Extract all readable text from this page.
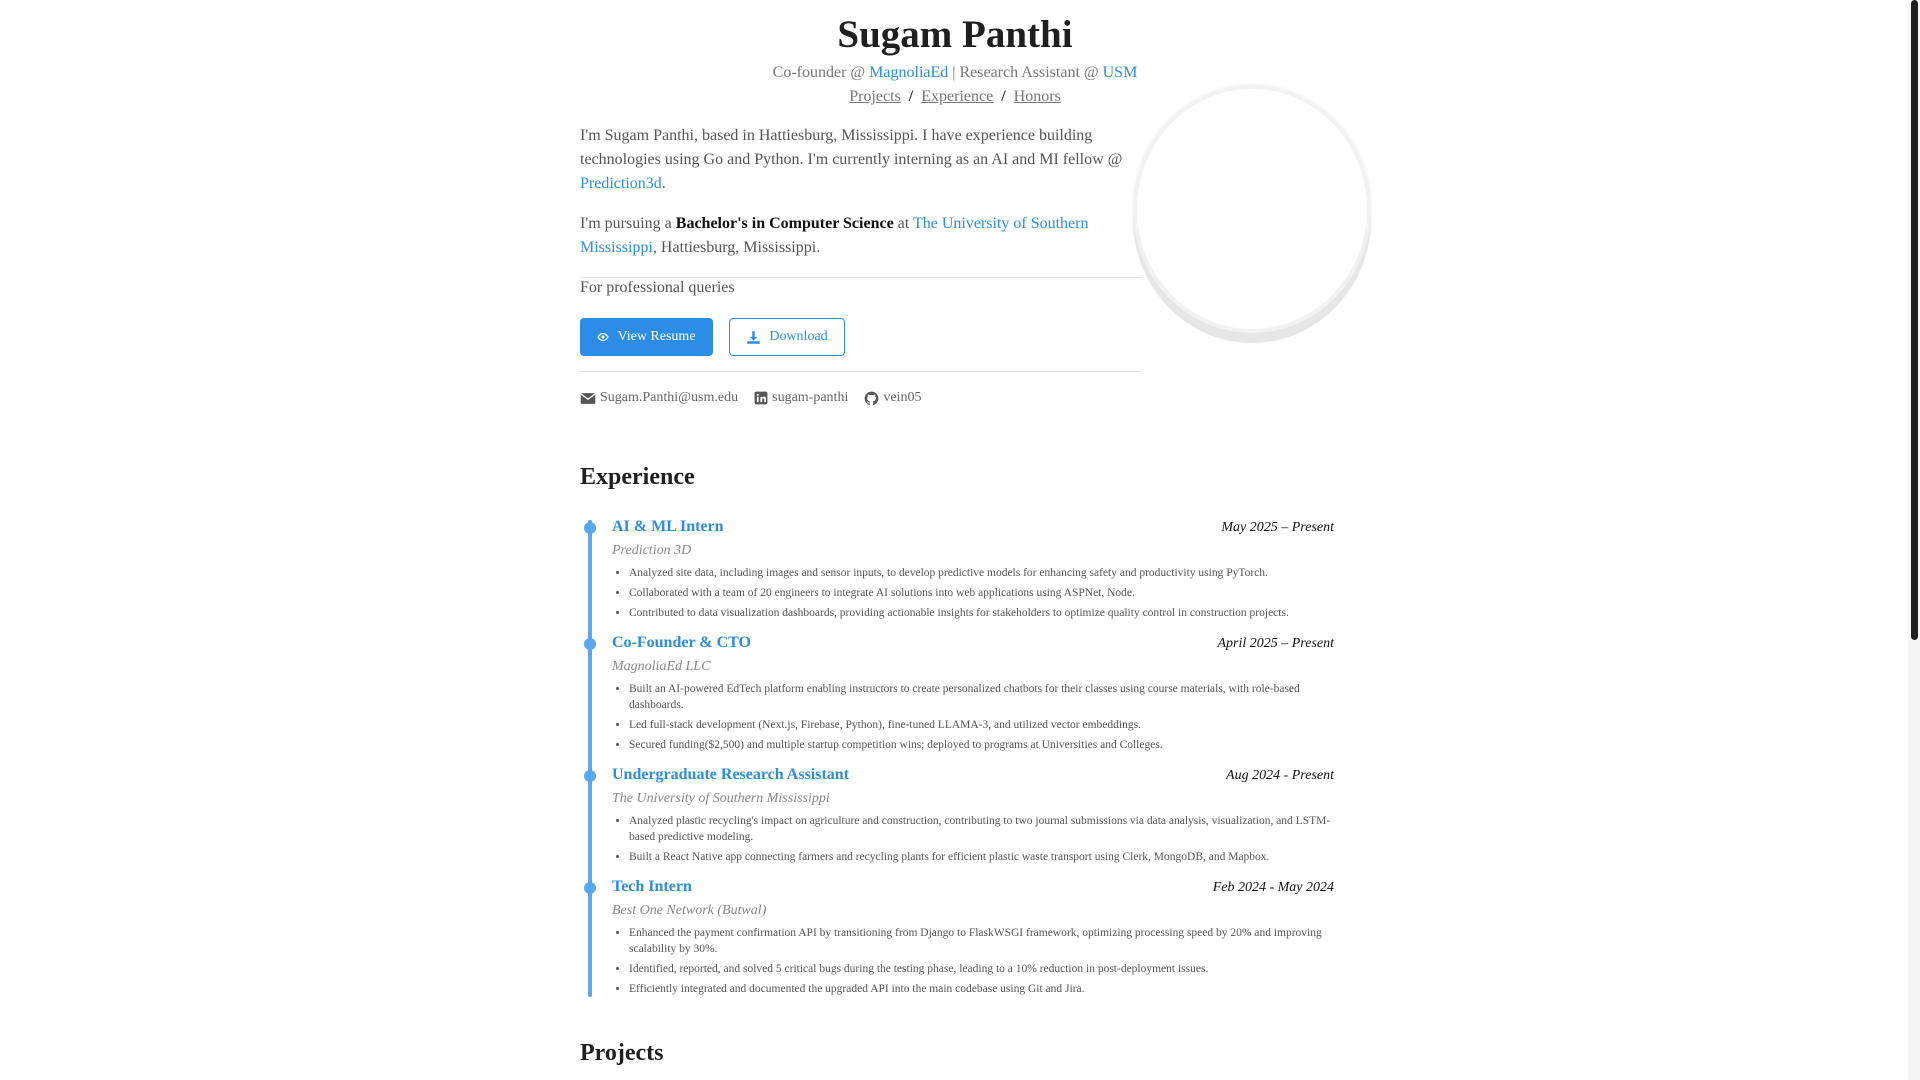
Sugam Panthi
Co-founder @ MagnoliaEd | Research Assistant @ USM
Projects / Experience / Honors

I'm Sugam Panthi, based in Hattiesburg, Mississippi. I have experience building technologies using Go and Python. I'm currently interning as an AI and MI fellow @ Prediction3d.

I'm pursuing a Bachelor's in Computer Science at The University of Southern Mississippi, Hattiesburg, Mississippi.

For professional queries
View Resume	Download
Sugam.Panthi@usm.edu sugam-panthi	vein05
Experience
AI & ML Intern	May 2025 – Present
Prediction 3D
• Analyzed site data, including images and sensor inputs, to develop predictive models for enhancing safety and productivity using PyTorch.
• Collaborated with a team of 20 engineers to integrate AI solutions into web applications using ASPNet, Node.
• Contributed to data visualization dashboards, providing actionable insights for stakeholders to optimize quality control in construction projects.
Co-Founder & CTO	April 2025 – Present
MagnoliaEd LLC
• Built an AI-powered EdTech platform enabling instructors to create personalized chatbots for their classes using course materials, with role-based dashboards.
• Led full-stack development (Next.js, Firebase, Python), fine-tuned LLAMA-3, and utilized vector embeddings.
• Secured funding($2,500) and multiple startup competition wins; deployed to programs at Universities and Colleges.
Undergraduate Research Assistant	Aug 2024 - Present
The University of Southern Mississippi
• Analyzed plastic recycling's impact on agriculture and construction, contributing to two journal submissions via data analysis, visualization, and LSTM-based predictive modeling.
• Built a React Native app connecting farmers and recycling plants for efficient plastic waste transport using Clerk, MongoDB, and Mapbox.
Tech Intern	Feb 2024 - May 2024
Best One Network (Butwal)
• Enhanced the payment confirmation API by transitioning from Django to FlaskWSGI framework, optimizing processing speed by 20% and improving scalability by 30%.
• Identified, reported, and solved 5 critical bugs during the testing phase, leading to a 10% reduction in post-deployment issues.
• Efficiently integrated and documented the upgraded API into the main codebase using Git and Jira.
Projects
